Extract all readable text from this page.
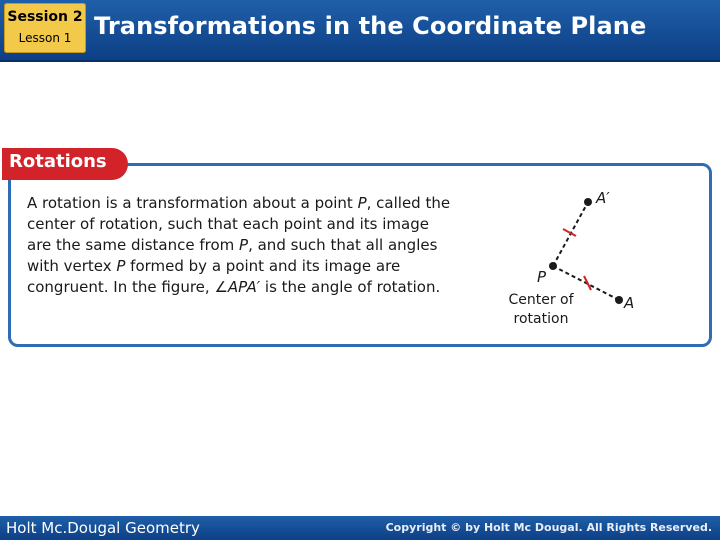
Session 2
Lesson 1 Transformations in the Coordinate Plane
Rotations
A rotation is a transformation about a point P, called the center of rotation, such that each point and its image are the same distance from P, and such that all angles with vertex P formed by a point and its image are congruent. In the figure, ∠APA′ is the angle of rotation.
P
A′
A
Center of
rotation
Holt Mc.Dougal Geometry	Copyright © by Holt Mc Dougal. All Rights Reserved.
